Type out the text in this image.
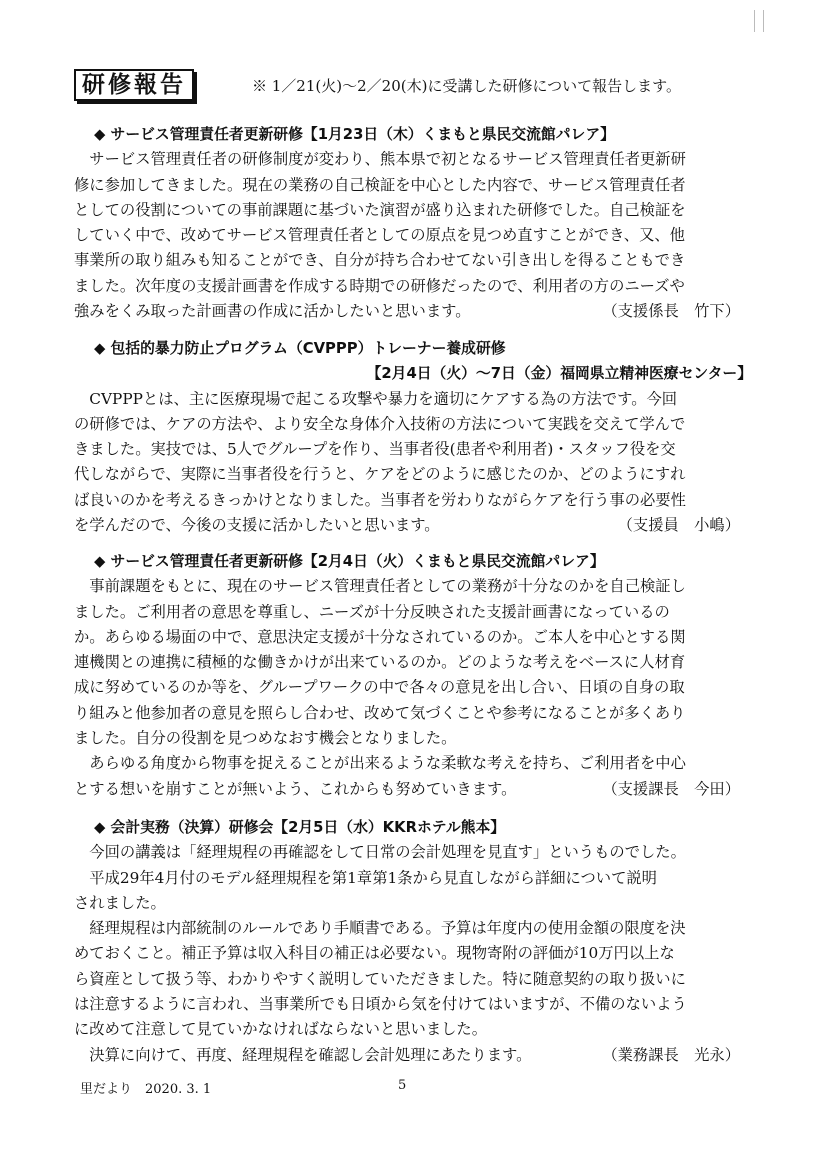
研修報告	※ 1／21(火)～2／20(木)に受講した研修について報告します。
◆ サービス管理責任者更新研修【1月23日（木）くまもと県民交流館パレア】
　サービス管理責任者の研修制度が変わり、熊本県で初となるサービス管理責任者更新研
修に参加してきました。現在の業務の自己検証を中心とした内容で、サービス管理責任者
としての役割についての事前課題に基づいた演習が盛り込まれた研修でした。自己検証を
していく中で、改めてサービス管理責任者としての原点を見つめ直すことができ、又、他
事業所の取り組みも知ることができ、自分が持ち合わせてない引き出しを得ることもでき
ました。次年度の支援計画書を作成する時期での研修だったので、利用者の方のニーズや
強みをくみ取った計画書の作成に活かしたいと思います。	（支援係長　竹下）
◆ 包括的暴力防止プログラム（CVPPP）トレーナー養成研修
【2月4日（火）～7日（金）福岡県立精神医療センター】
　CVPPPとは、主に医療現場で起こる攻撃や暴力を適切にケアする為の方法です。今回
の研修では、ケアの方法や、より安全な身体介入技術の方法について実践を交えて学んで
きました。実技では、5人でグループを作り、当事者役(患者や利用者)・スタッフ役を交
代しながらで、実際に当事者役を行うと、ケアをどのように感じたのか、どのようにすれ
ば良いのかを考えるきっかけとなりました。当事者を労わりながらケアを行う事の必要性
を学んだので、今後の支援に活かしたいと思います。	（支援員　小嶋）
◆ サービス管理責任者更新研修【2月4日（火）くまもと県民交流館パレア】
　事前課題をもとに、現在のサービス管理責任者としての業務が十分なのかを自己検証し
ました。ご利用者の意思を尊重し、ニーズが十分反映された支援計画書になっているの
か。あらゆる場面の中で、意思決定支援が十分なされているのか。ご本人を中心とする関
連機関との連携に積極的な働きかけが出来ているのか。どのような考えをベースに人材育
成に努めているのか等を、グループワークの中で各々の意見を出し合い、日頃の自身の取
り組みと他参加者の意見を照らし合わせ、改めて気づくことや参考になることが多くあり
ました。自分の役割を見つめなおす機会となりました。
　あらゆる角度から物事を捉えることが出来るような柔軟な考えを持ち、ご利用者を中心
とする想いを崩すことが無いよう、これからも努めていきます。	（支援課長　今田）
◆ 会計実務（決算）研修会【2月5日（水）KKRホテル熊本】
　今回の講義は「経理規程の再確認をして日常の会計処理を見直す」というものでした。
　平成29年4月付のモデル経理規程を第1章第1条から見直しながら詳細について説明
されました。
　経理規程は内部統制のルールであり手順書である。予算は年度内の使用金額の限度を決
めておくこと。補正予算は収入科目の補正は必要ない。現物寄附の評価が10万円以上な
ら資産として扱う等、わかりやすく説明していただきました。特に随意契約の取り扱いに
は注意するように言われ、当事業所でも日頃から気を付けてはいますが、不備のないよう
に改めて注意して見ていかなければならないと思いました。
　決算に向けて、再度、経理規程を確認し会計処理にあたります。	（業務課長　光永）
里だより　2020. 3. 1	5
